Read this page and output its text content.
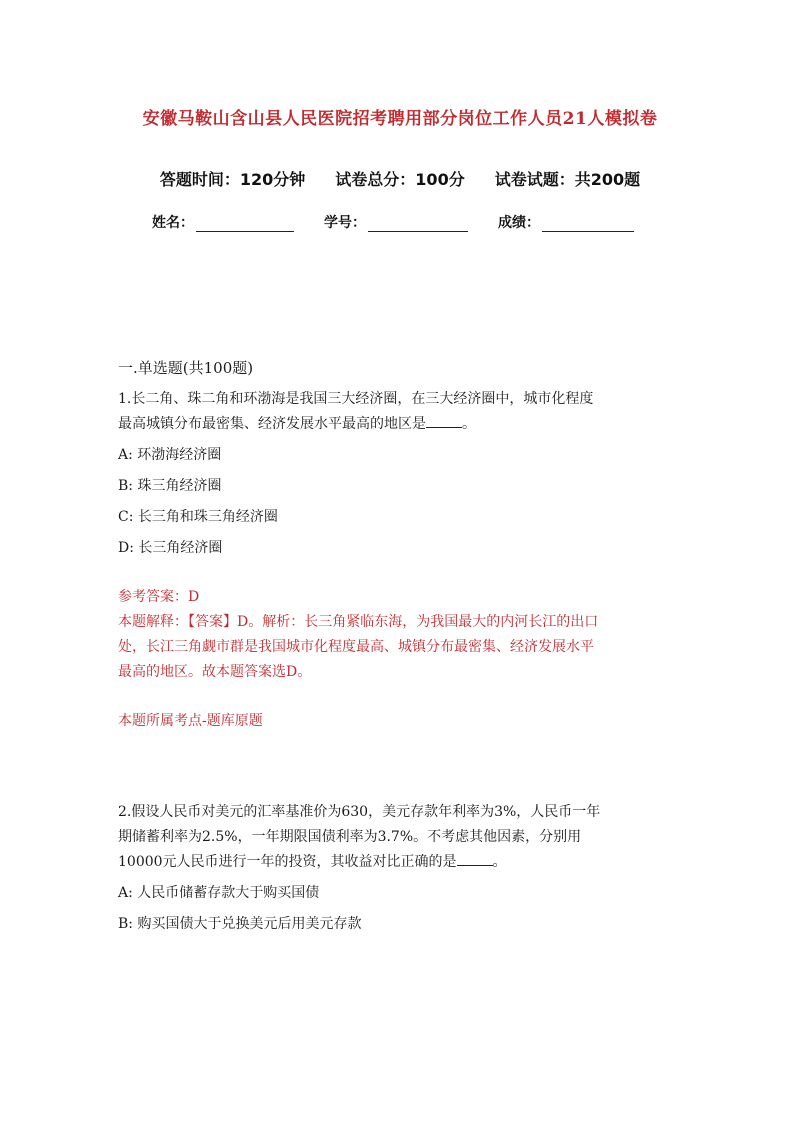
安徽马鞍山含山县人民医院招考聘用部分岗位工作人员21人模拟卷
答题时间：120分钟 试卷总分：100分 试卷试题：共200题
姓名：	学号：	成绩：
一.单选题(共100题)
1.长二角、珠二角和环渤海是我国三大经济圈，在三大经济圈中，城市化程度
最高城镇分布最密集、经济发展水平最高的地区是	。
A: 环渤海经济圈
B: 珠三角经济圈
C: 长三角和珠三角经济圈
D: 长三角经济圈
参考答案：D
本题解释：【答案】D。解析：长三角紧临东海，为我国最大的内河长江的出口
处，长江三角觑市群是我国城市化程度最高、城镇分布最密集、经济发展水平
最高的地区。故本题答案选D。
本题所属考点-题库原题
2.假设人民币对美元的汇率基准价为630，美元存款年利率为3%，人民币一年
期储蓄利率为2.5%，一年期限国债利率为3.7%。不考虑其他因素，分别用
10000元人民币进行一年的投资，其收益对比正确的是	。
A: 人民币储蓄存款大于购买国债
B: 购买国债大于兑换美元后用美元存款
